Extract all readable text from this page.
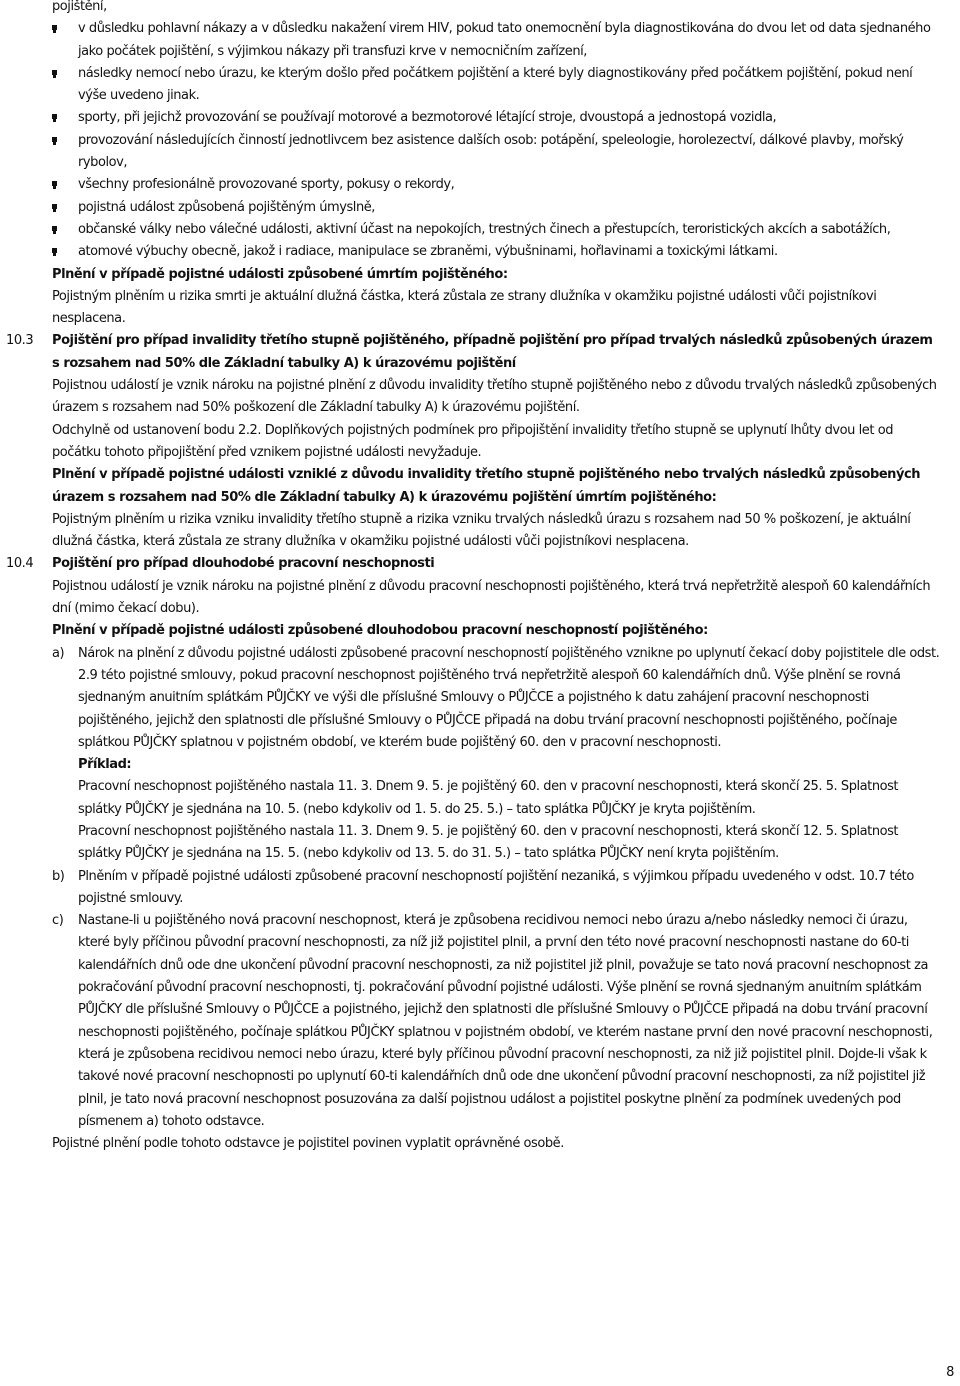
pojištění,

v důsledku pohlavní nákazy a v důsledku nakažení virem HIV, pokud tato onemocnění byla diagnostikována do dvou let od data sjednaného jako počátek pojištění, s výjimkou nákazy při transfuzi krve v nemocničním zařízení,
následky nemocí nebo úrazu, ke kterým došlo před počátkem pojištění a které byly diagnostikovány před počátkem pojištění, pokud není výše uvedeno jinak.
sporty, při jejichž provozování se používají motorové a bezmotorové létající stroje, dvoustopá a jednostopá vozidla,
provozování následujících činností jednotlivcem bez asistence dalších osob: potápění, speleologie, horolezectví, dálkové plavby, mořský rybolov,
všechny profesionálně provozované sporty, pokusy o rekordy,
pojistná událost způsobená pojištěným úmyslně,
občanské války nebo válečné události, aktivní účast na nepokojích, trestných činech a přestupcích, teroristických akcích a sabotážích,
atomové výbuchy obecně, jakož i radiace, manipulace se zbraněmi, výbušninami, hořlavinami a toxickými látkami.

Plnění v případě pojistné události způsobené úmrtím pojištěného:

Pojistným plněním u rizika smrti je aktuální dlužná částka, která zůstala ze strany dlužníka v okamžiku pojistné události vůči pojistníkovi nesplacena.

10.3 Pojištění pro případ invalidity třetího stupně pojištěného, případně pojištění pro případ trvalých následků způsobených úrazem s rozsahem nad 50% dle Základní tabulky A) k úrazovému pojištění

Pojistnou událostí je vznik nároku na pojistné plnění z důvodu invalidity třetího stupně pojištěného nebo z důvodu trvalých následků způsobených úrazem s rozsahem nad 50% poškození dle Základní tabulky A) k úrazovému pojištění.

Odchylně od ustanovení bodu 2.2. Doplňkových pojistných podmínek pro připojištění invalidity třetího stupně se uplynutí lhůty dvou let od počátku tohoto připojištění před vznikem pojistné události nevyžaduje.

Plnění v případě pojistné události vzniklé z důvodu invalidity třetího stupně pojištěného nebo trvalých následků způsobených úrazem s rozsahem nad 50% dle Základní tabulky A) k úrazovému pojištění úmrtím pojištěného:

Pojistným plněním u rizika vzniku invalidity třetího stupně a rizika vzniku trvalých následků úrazu s rozsahem nad 50 % poškození, je aktuální dlužná částka, která zůstala ze strany dlužníka v okamžiku pojistné události vůči pojistníkovi nesplacena.

10.4 Pojištění pro případ dlouhodobé pracovní neschopnosti

Pojistnou událostí je vznik nároku na pojistné plnění z důvodu pracovní neschopnosti pojištěného, která trvá nepřetržitě alespoň 60 kalendářních dní (mimo čekací dobu).

Plnění v případě pojistné události způsobené dlouhodobou pracovní neschopností pojištěného:

a) Nárok na plnění z důvodu pojistné události způsobené pracovní neschopností pojištěného vznikne po uplynutí čekací doby pojistitele dle odst. 2.9 této pojistné smlouvy, pokud pracovní neschopnost pojištěného trvá nepřetržitě alespoň 60 kalendářních dnů. Výše plnění se rovná sjednaným anuitním splátkám PŮJČKY ve výši dle příslušné Smlouvy o PŮJČCE a pojistného k datu zahájení pracovní neschopnosti pojištěného, jejichž den splatnosti dle příslušné Smlouvy o PŮJČCE připadá na dobu trvání pracovní neschopnosti pojištěného, počínaje splátkou PŮJČKY splatnou v pojistném období, ve kterém bude pojištěný 60. den v pracovní neschopnosti.

Příklad:

Pracovní neschopnost pojištěného nastala 11. 3. Dnem 9. 5. je pojištěný 60. den v pracovní neschopnosti, která skončí 25. 5. Splatnost splátky PŮJČKY je sjednána na 10. 5. (nebo kdykoliv od 1. 5. do 25. 5.) – tato splátka PŮJČKY je kryta pojištěním.

Pracovní neschopnost pojištěného nastala 11. 3. Dnem 9. 5. je pojištěný 60. den v pracovní neschopnosti, která skončí 12. 5. Splatnost splátky PŮJČKY je sjednána na 15. 5. (nebo kdykoliv od 13. 5. do 31. 5.) – tato splátka PŮJČKY není kryta pojištěním.

b) Plněním v případě pojistné události způsobené pracovní neschopností pojištění nezaniká, s výjimkou případu uvedeného v odst. 10.7 této pojistné smlouvy.
c) Nastane-li u pojištěného nová pracovní neschopnost, která je způsobena recidivou nemoci nebo úrazu a/nebo následky nemoci či úrazu, které byly příčinou původní pracovní neschopnosti, za níž již pojistitel plnil, a první den této nové pracovní neschopnosti nastane do 60-ti kalendářních dnů ode dne ukončení původní pracovní neschopnosti, za niž pojistitel již plnil, považuje se tato nová pracovní neschopnost za pokračování původní pracovní neschopnosti, tj. pokračování původní pojistné události. Výše plnění se rovná sjednaným anuitním splátkám PŮJČKY dle příslušné Smlouvy o PŮJČCE a pojistného, jejichž den splatnosti dle příslušné Smlouvy o PŮJČCE připadá na dobu trvání pracovní neschopnosti pojištěného, počínaje splátkou PŮJČKY splatnou v pojistném období, ve kterém nastane první den nové pracovní neschopnosti, která je způsobena recidivou nemoci nebo úrazu, které byly příčinou původní pracovní neschopnosti, za niž již pojistitel plnil. Dojde-li však k takové nové pracovní neschopnosti po uplynutí 60-ti kalendářních dnů ode dne ukončení původní pracovní neschopnosti, za níž pojistitel již plnil, je tato nová pracovní neschopnost posuzována za další pojistnou událost a pojistitel poskytne plnění za podmínek uvedených pod písmenem a) tohoto odstavce.

Pojistné plnění podle tohoto odstavce je pojistitel povinen vyplatit oprávněné osobě.

8
